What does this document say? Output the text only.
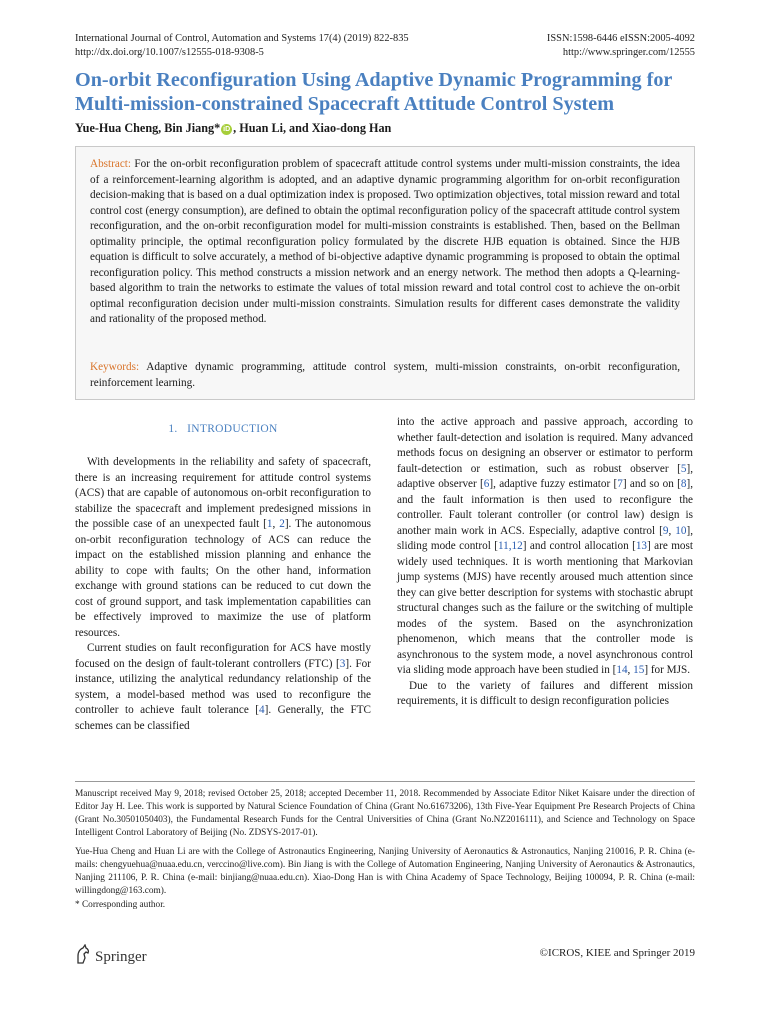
International Journal of Control, Automation and Systems 17(4) (2019) 822-835
http://dx.doi.org/10.1007/s12555-018-9308-5
ISSN:1598-6446 eISSN:2005-4092
http://www.springer.com/12555
On-orbit Reconfiguration Using Adaptive Dynamic Programming for
Multi-mission-constrained Spacecraft Attitude Control System
Yue-Hua Cheng, Bin Jiang* iD , Huan Li, and Xiao-dong Han
Abstract: For the on-orbit reconfiguration problem of spacecraft attitude control systems under multi-mission constraints, the idea of a reinforcement-learning algorithm is adopted, and an adaptive dynamic programming algorithm for on-orbit reconfiguration decision-making that is based on a dual optimization index is proposed. Two optimization objectives, total mission reward and total control cost (energy consumption), are defined to obtain the optimal reconfiguration policy of the spacecraft attitude control system reconfiguration, and the on-orbit reconfiguration model for multi-mission constraints is established. Then, based on the Bellman optimality principle, the optimal reconfiguration policy formulated by the discrete HJB equation is obtained. Since the HJB equation is difficult to solve accurately, a method of bi-objective adaptive dynamic programming is proposed to obtain the optimal reconfiguration policy. This method constructs a mission network and an energy network. The method then adopts a Q-learning-based algorithm to train the networks to estimate the values of total mission reward and total control cost to achieve the on-orbit optimal reconfiguration decision under multi-mission constraints. Simulation results for different cases demonstrate the validity and rationality of the proposed method.
Keywords: Adaptive dynamic programming, attitude control system, multi-mission constraints, on-orbit reconfiguration, reinforcement learning.
1. INTRODUCTION

With developments in the reliability and safety of spacecraft, there is an increasing requirement for attitude control systems (ACS) that are capable of autonomous on-orbit reconfiguration to stabilize the spacecraft and implement predesigned missions in the possible case of an unexpected fault [1, 2]. The autonomous on-orbit reconfiguration technology of ACS can reduce the impact on the established mission planning and enhance the ability to cope with faults; On the other hand, information exchange with ground stations can be reduced to cut down the cost of ground support, and task implementation capabilities can be effectively improved to maximize the use of platform resources.

Current studies on fault reconfiguration for ACS have mostly focused on the design of fault-tolerant controllers (FTC) [3]. For instance, utilizing the analytical redundancy relationship of the system, a model-based method was used to reconfigure the controller to achieve fault tolerance [4]. Generally, the FTC schemes can be classified

into the active approach and passive approach, according to whether fault-detection and isolation is required. Many advanced methods focus on designing an observer or estimator to perform fault-detection or estimation, such as robust observer [5], adaptive observer [6], adaptive fuzzy estimator [7] and so on [8], and the fault information is then used to reconfigure the controller. Fault tolerant controller (or control law) design is another main work in ACS. Especially, adaptive control [9, 10], sliding mode control [11,12] and control allocation [13] are most widely used techniques. It is worth mentioning that Markovian jump systems (MJS) have recently aroused much attention since they can give better description for systems with stochastic abrupt structural changes such as the failure or the switching of multiple modes of the system. Based on the asynchronization phenomenon, which means that the controller mode is asynchronous to the system mode, a novel asynchronous control via sliding mode approach have been studied in [14, 15] for MJS.

Due to the variety of failures and different mission requirements, it is difficult to design reconfiguration policies

Manuscript received May 9, 2018; revised October 25, 2018; accepted December 11, 2018. Recommended by Associate Editor Niket Kaisare under the direction of Editor Jay H. Lee. This work is supported by Natural Science Foundation of China (Grant No.61673206), 13th Five-Year Equipment Pre Research Projects of China (Grant No.30501050403), the Fundamental Research Funds for the Central Universities of China (Grant No.NZ2016111), and Science and Technology on Space Intelligent Control Laboratory of Beijing (No. ZDSYS-2017-01).

Yue-Hua Cheng and Huan Li are with the College of Astronautics Engineering, Nanjing University of Aeronautics & Astronautics, Nanjing 210016, P. R. China (e-mails: chengyuehua@nuaa.edu.cn, verccino@live.com). Bin Jiang is with the College of Automation Engineering, Nanjing University of Aeronautics & Astronautics, Nanjing 211106, P. R. China (e-mail: binjiang@nuaa.edu.cn). Xiao-Dong Han is with China Academy of Space Technology, Beijing 100094, P. R. China (e-mail: willingdong@163.com).

* Corresponding author.

Springer	©ICROS, KIEE and Springer 2019
